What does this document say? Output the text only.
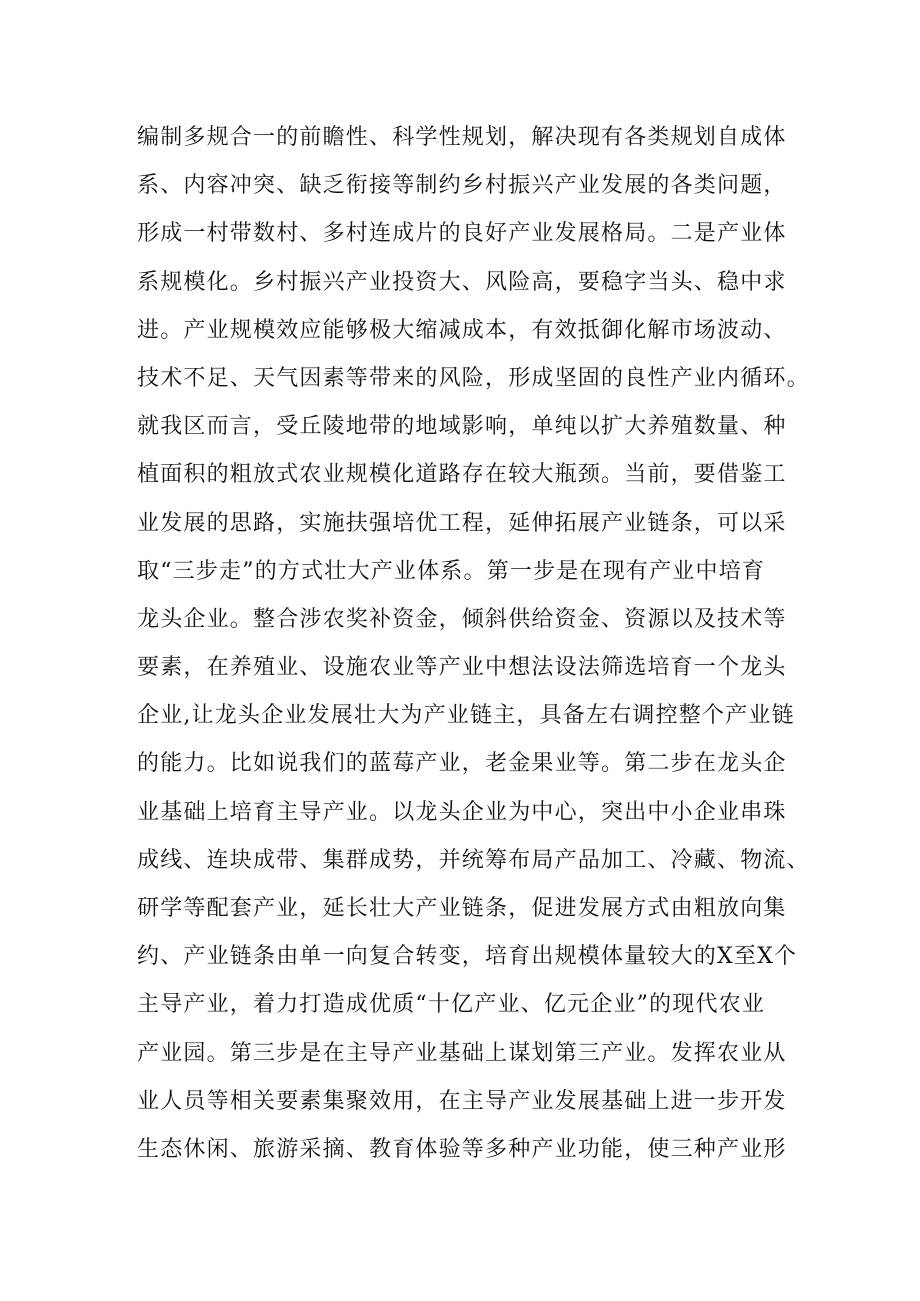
编制多规合一的前瞻性、科学性规划，解决现有各类规划自成体
系、内容冲突、缺乏衔接等制约乡村振兴产业发展的各类问题，
形成一村带数村、多村连成片的良好产业发展格局。二是产业体
系规模化。乡村振兴产业投资大、风险高，要稳字当头、稳中求
进。产业规模效应能够极大缩减成本，有效抵御化解市场波动、
技术不足、天气因素等带来的风险，形成坚固的良性产业内循环。
就我区而言，受丘陵地带的地域影响，单纯以扩大养殖数量、种
植面积的粗放式农业规模化道路存在较大瓶颈。当前，要借鉴工
业发展的思路，实施扶强培优工程，延伸拓展产业链条，可以采
取“三步走”的方式壮大产业体系。第一步是在现有产业中培育
龙头企业。整合涉农奖补资金，倾斜供给资金、资源以及技术等
要素，在养殖业、设施农业等产业中想法设法筛选培育一个龙头
企业,让龙头企业发展壮大为产业链主，具备左右调控整个产业链
的能力。比如说我们的蓝莓产业，老金果业等。第二步在龙头企
业基础上培育主导产业。以龙头企业为中心，突出中小企业串珠
成线、连块成带、集群成势，并统筹布局产品加工、冷藏、物流、
研学等配套产业，延长壮大产业链条，促进发展方式由粗放向集
约、产业链条由单一向复合转变，培育出规模体量较大的X至X个
主导产业，着力打造成优质“十亿产业、亿元企业”的现代农业
产业园。第三步是在主导产业基础上谋划第三产业。发挥农业从
业人员等相关要素集聚效用，在主导产业发展基础上进一步开发
生态休闲、旅游采摘、教育体验等多种产业功能，使三种产业形
